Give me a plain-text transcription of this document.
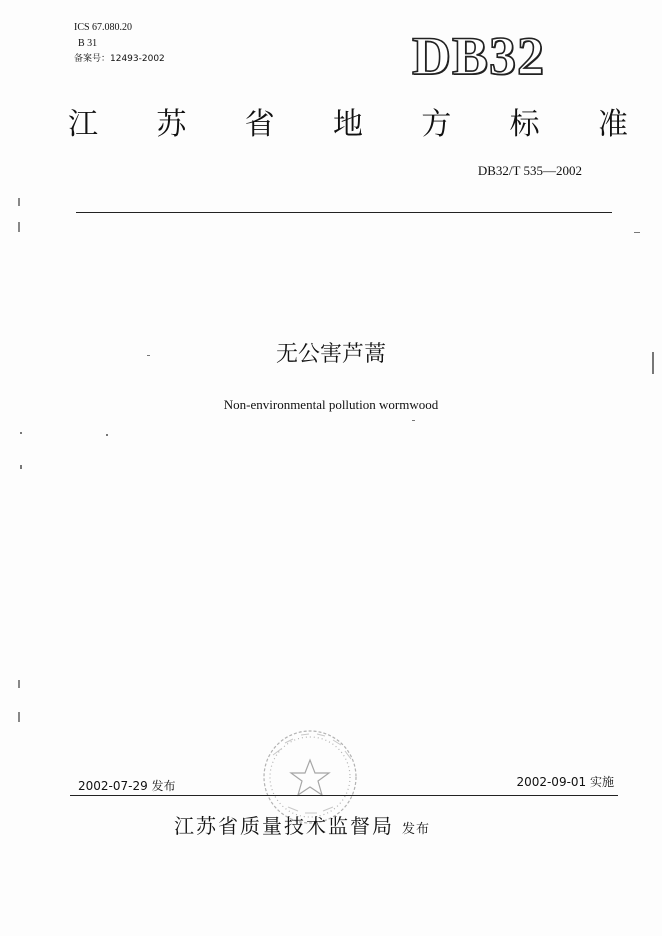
ICS 67.080.20
B 31
备案号：12493-2002	DB32
江 苏 省 地 方 标 准
DB32/T 535—2002
无公害芦蒿
Non-environmental pollution wormwood
2002-07-29 发布	2002-09-01 实施
江苏省质量技术监督局 发布
